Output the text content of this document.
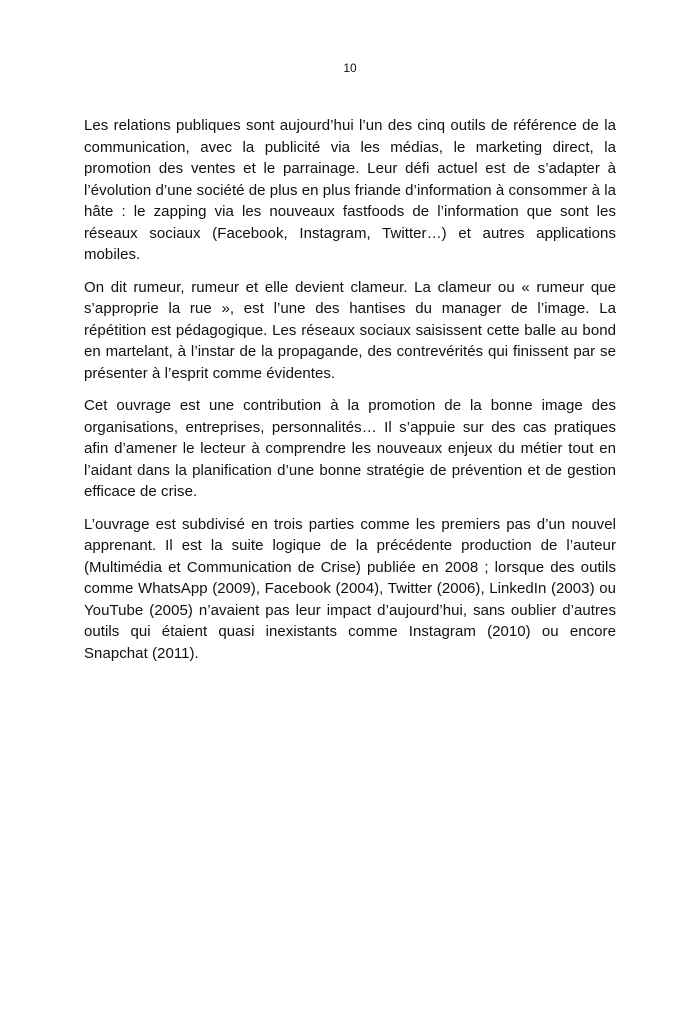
10

Les relations publiques sont aujourd’hui l’un des cinq outils de référence de la communication, avec la publicité via les médias, le marketing direct, la promotion des ventes et le parrainage. Leur défi actuel est de s’adapter à l’évolution d’une société de plus en plus friande d’information à consommer à la hâte : le zapping via les nouveaux fastfoods de l’information que sont les réseaux sociaux (Facebook, Instagram, Twitter…) et autres applications mobiles.

On dit rumeur, rumeur et elle devient clameur. La clameur ou « rumeur que s’approprie la rue », est l’une des hantises du manager de l’image. La répétition est pédagogique. Les réseaux sociaux saisissent cette balle au bond en martelant, à l’instar de la propagande, des contrevérités qui finissent par se présenter à l’esprit comme évidentes.

Cet ouvrage est une contribution à la promotion de la bonne image des organisations, entreprises, personnalités… Il s’appuie sur des cas pratiques afin d’amener le lecteur à comprendre les nouveaux enjeux du métier tout en l’aidant dans la planification d’une bonne stratégie de prévention et de gestion efficace de crise.

L’ouvrage est subdivisé en trois parties comme les premiers pas d’un nouvel apprenant. Il est la suite logique de la précédente production de l’auteur (Multimédia et Communication de Crise) publiée en 2008 ; lorsque des outils comme WhatsApp (2009), Facebook (2004), Twitter (2006), LinkedIn (2003) ou YouTube (2005) n’avaient pas leur impact d’aujourd’hui, sans oublier d’autres outils qui étaient quasi inexistants comme Instagram (2010) ou encore Snapchat (2011).
